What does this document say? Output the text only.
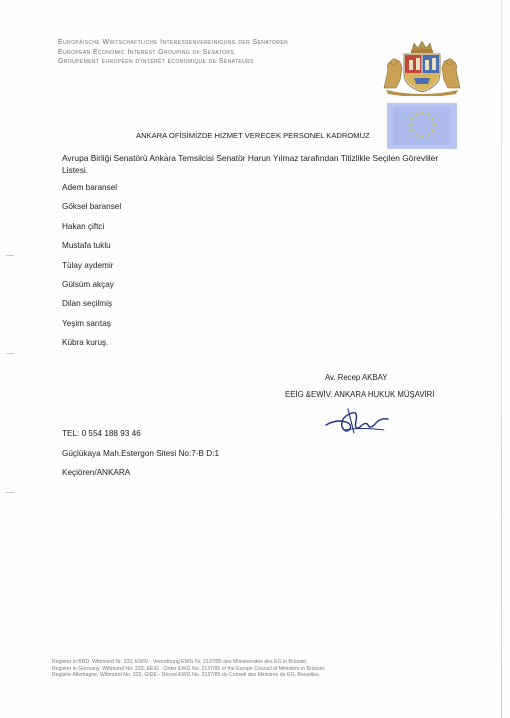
Europäische Wirtschaftliche Interessenvereinigung der Senatoren
European Economic Interest Grouping of Senators
Groupement européen d'intérêt économique de Sénateurs
ANKARA OFİSİMİZDE HİZMET VERECEK PERSONEL KADROMUZ
Avrupa Birliği Senatörü Ankara Temsilcisi Senatör Harun Yılmaz tarafından Titizlikle Seçilen Görevliler Listesi.
Adem baransel
Göksel baransel
Hakan çiftci
Mustafa tuklu
Tülay aydemir
Gülsüm akçay
Dilan seçilmiş
Yeşim sarıtaş
Kübra kuruş.
Av. Recep AKBAY
EEİG &EWİV. ANKARA HUKUK MÜŞAVİRİ
TEL: 0 554 188 93 46
Güçlükaya Mah.Estergon Sitesi No:7-B D:1
Keçiören/ANKARA
Register in BRD, Wittmund Nr. 333, EWIV - Verordnung EWG Nr. 2137/85 des Ministerrates des EG in Brüssel.
Register in Germany, Wittmund No. 333, EEIG - Order EWG No. 2137/85 of the Europe Council of Ministers in Brüssel.
Registre Allemagne, Wittmund No. 333, GIDE - Décret EWG No. 2137/85 du Conseil des Ministres de EG, Bruxelles.
